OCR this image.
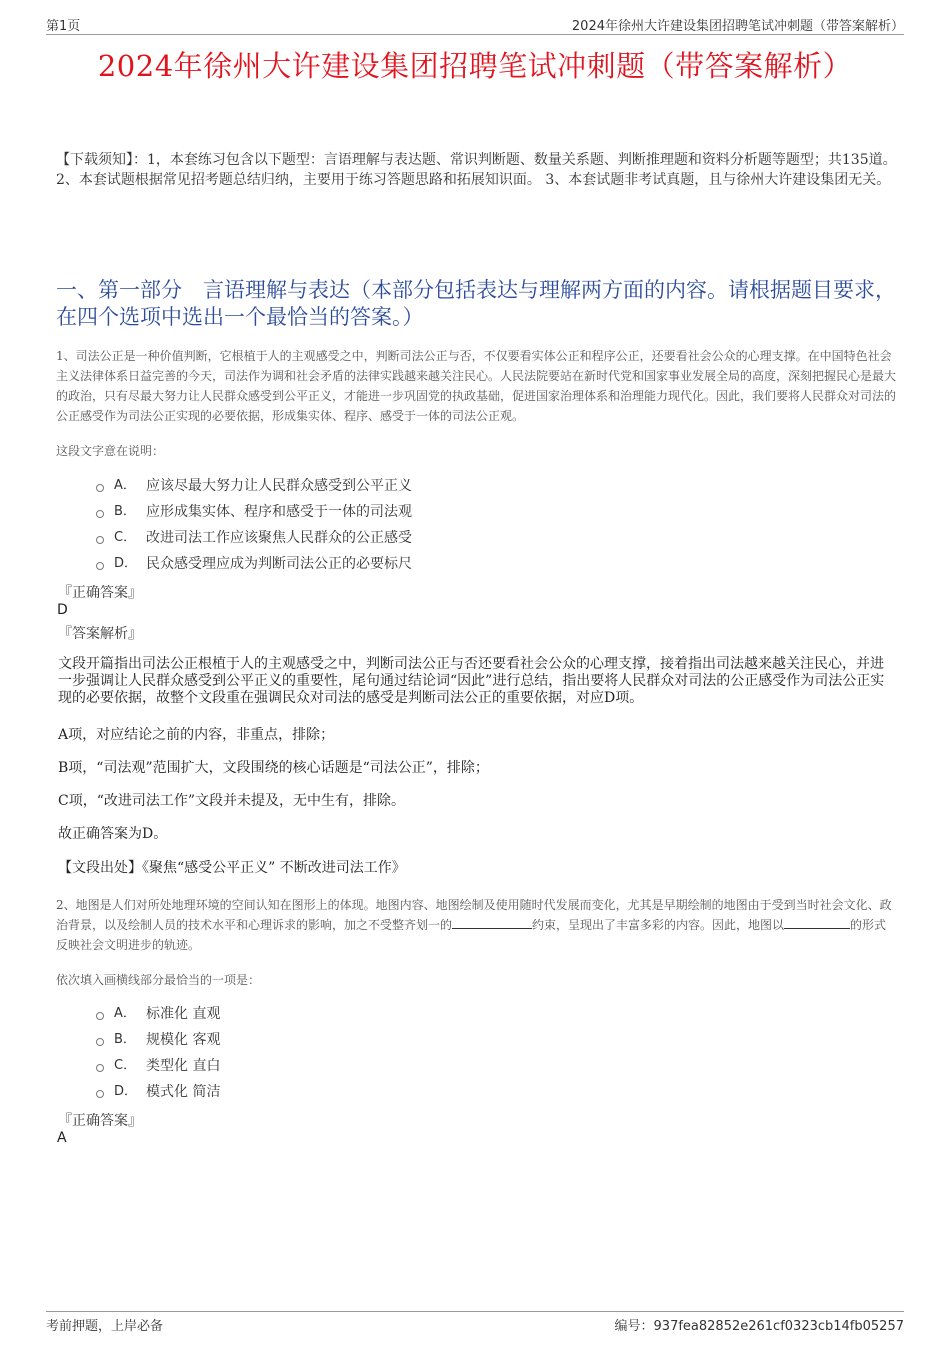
第1页	2024年徐州大许建设集团招聘笔试冲刺题（带答案解析）
2024年徐州大许建设集团招聘笔试冲刺题（带答案解析）
【下载须知】：1，本套练习包含以下题型：言语理解与表达题、常识判断题、数量关系题、判断推理题和资料分析题等题型；共135道。 2、本套试题根据常见招考题总结归纳，主要用于练习答题思路和拓展知识面。 3、本套试题非考试真题，且与徐州大许建设集团无关。
一、第一部分　言语理解与表达（本部分包括表达与理解两方面的内容。请根据题目要求，在四个选项中选出一个最恰当的答案。）
1、司法公正是一种价值判断，它根植于人的主观感受之中，判断司法公正与否，不仅要看实体公正和程序公正，还要看社会公众的心理支撑。在中国特色社会主义法律体系日益完善的今天，司法作为调和社会矛盾的法律实践越来越关注民心。人民法院要站在新时代党和国家事业发展全局的高度，深刻把握民心是最大的政治，只有尽最大努力让人民群众感受到公平正义，才能进一步巩固党的执政基础，促进国家治理体系和治理能力现代化。因此，我们要将人民群众对司法的公正感受作为司法公正实现的必要依据，形成集实体、程序、感受于一体的司法公正观。
这段文字意在说明：
A． 应该尽最大努力让人民群众感受到公平正义
B． 应形成集实体、程序和感受于一体的司法观
C． 改进司法工作应该聚焦人民群众的公正感受
D． 民众感受理应成为判断司法公正的必要标尺
『正确答案』
D
『答案解析』
文段开篇指出司法公正根植于人的主观感受之中，判断司法公正与否还要看社会公众的心理支撑，接着指出司法越来越关注民心，并进一步强调让人民群众感受到公平正义的重要性，尾句通过结论词“因此”进行总结，指出要将人民群众对司法的公正感受作为司法公正实现的必要依据，故整个文段重在强调民众对司法的感受是判断司法公正的重要依据，对应D项。
A项，对应结论之前的内容，非重点，排除；
B项，“司法观”范围扩大，文段围绕的核心话题是“司法公正”，排除；
C项，“改进司法工作”文段并未提及，无中生有，排除。
故正确答案为D。
【文段出处】《聚焦“感受公平正义” 不断改进司法工作》
2、地图是人们对所处地理环境的空间认知在图形上的体现。地图内容、地图绘制及使用随时代发展而变化，尤其是早期绘制的地图由于受到当时社会文化、政治背景，以及绘制人员的技术水平和心理诉求的影响，加之不受整齐划一的	约束，呈现出了丰富多彩的内容。因此，地图以	的形式反映社会文明进步的轨迹。
依次填入画横线部分最恰当的一项是：
A． 标准化 直观
B． 规模化 客观
C． 类型化 直白
D． 模式化 简洁
『正确答案』
A
考前押题，上岸必备	编号：937fea82852e261cf0323cb14fb05257
